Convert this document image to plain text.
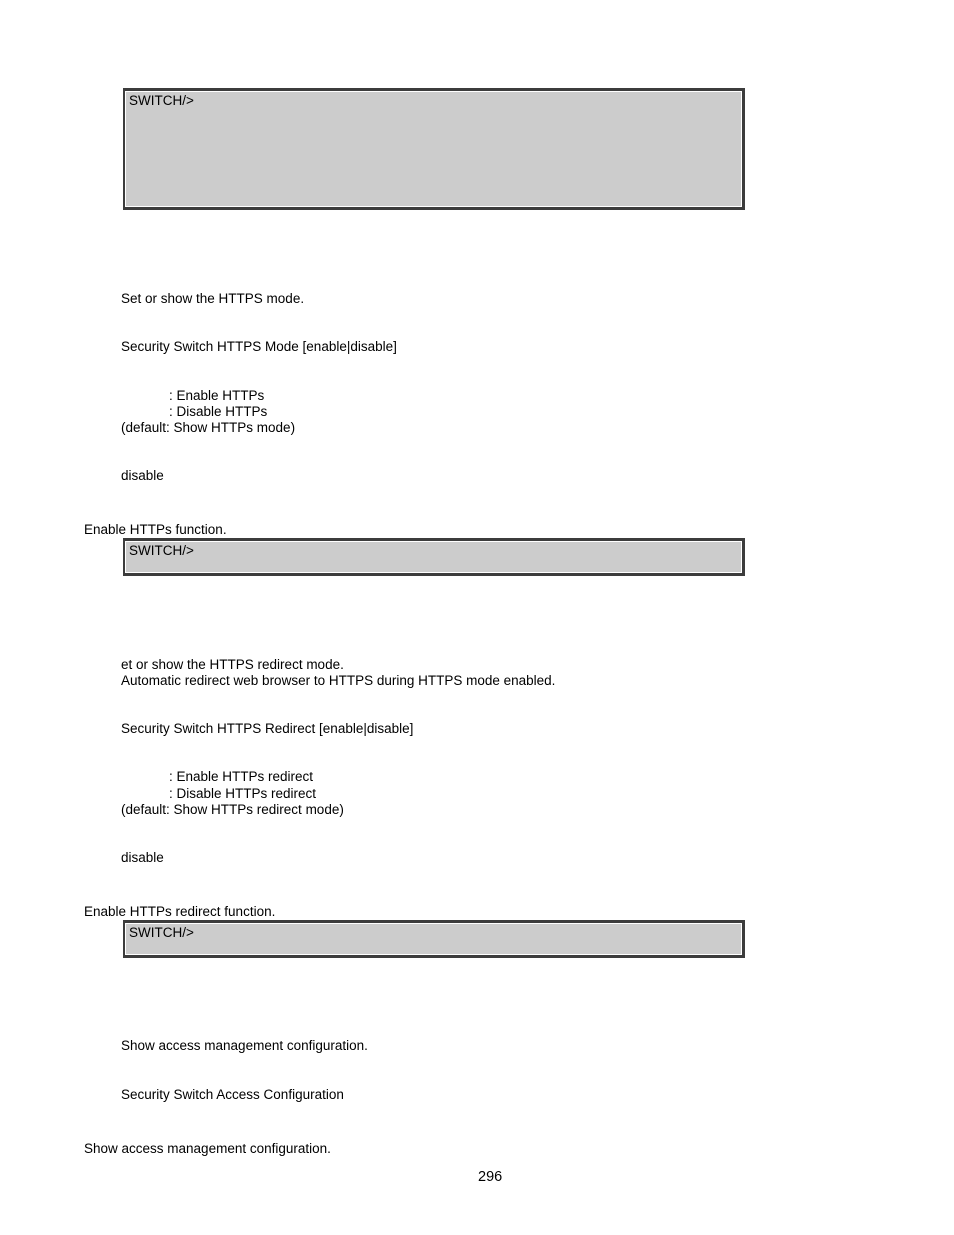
SWITCH/>
Set or show the HTTPS mode.
Security Switch HTTPS Mode [enable|disable]
: Enable HTTPs
: Disable HTTPs
(default: Show HTTPs mode)
disable
Enable HTTPs function.
SWITCH/>
et or show the HTTPS redirect mode.
Automatic redirect web browser to HTTPS during HTTPS mode enabled.
Security Switch HTTPS Redirect [enable|disable]
: Enable HTTPs redirect
: Disable HTTPs redirect
(default: Show HTTPs redirect mode)
disable
Enable HTTPs redirect function.
SWITCH/>
Show access management configuration.
Security Switch Access Configuration
Show access management configuration.
296
